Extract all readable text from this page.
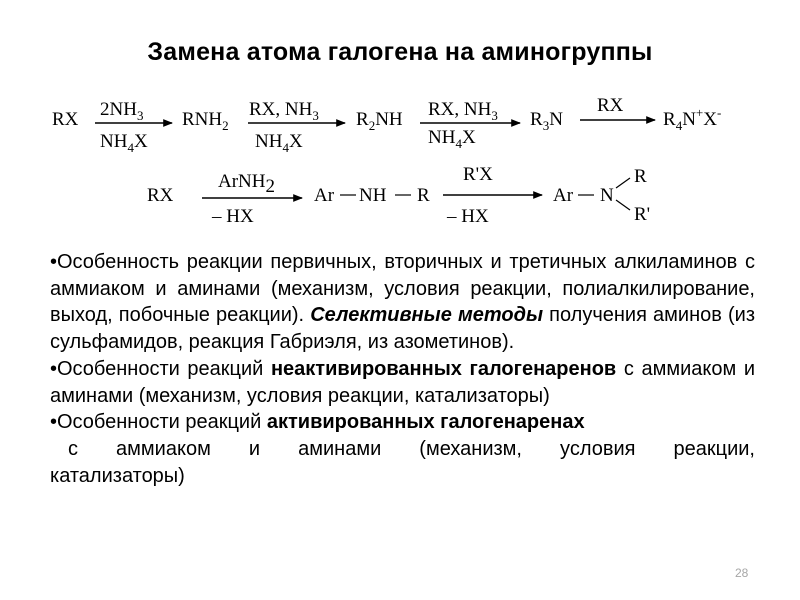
Замена атома галогена на аминогруппы
RX $2NH_3$
$NH_4X$
$RNH_2$
RX, $NH_3$
$NH_4X$
$R_2NH$ RX, $NH_3$
$NH_4X$
$R_3N$
RX
$R_4N^+X^-$
RX
ArNH2
– HX
Ar NH R
R'X
– HX
Ar N
R
R'

•Особенность реакции первичных, вторичных и третичных алкиламинов с аммиаком и аминами (механизм, условия реакции, полиалкилирование, выход, побочные реакции). Селективные методы получения аминов (из сульфамидов, реакция Габриэля, из азометинов).

•Особенности реакций неактивированных галогенаренов с аммиаком и аминами (механизм, условия реакции, катализаторы)

•Особенности реакций активированных галогенаренах

с аммиаком и аминами (механизм, условия реакции,

катализаторы)

28
